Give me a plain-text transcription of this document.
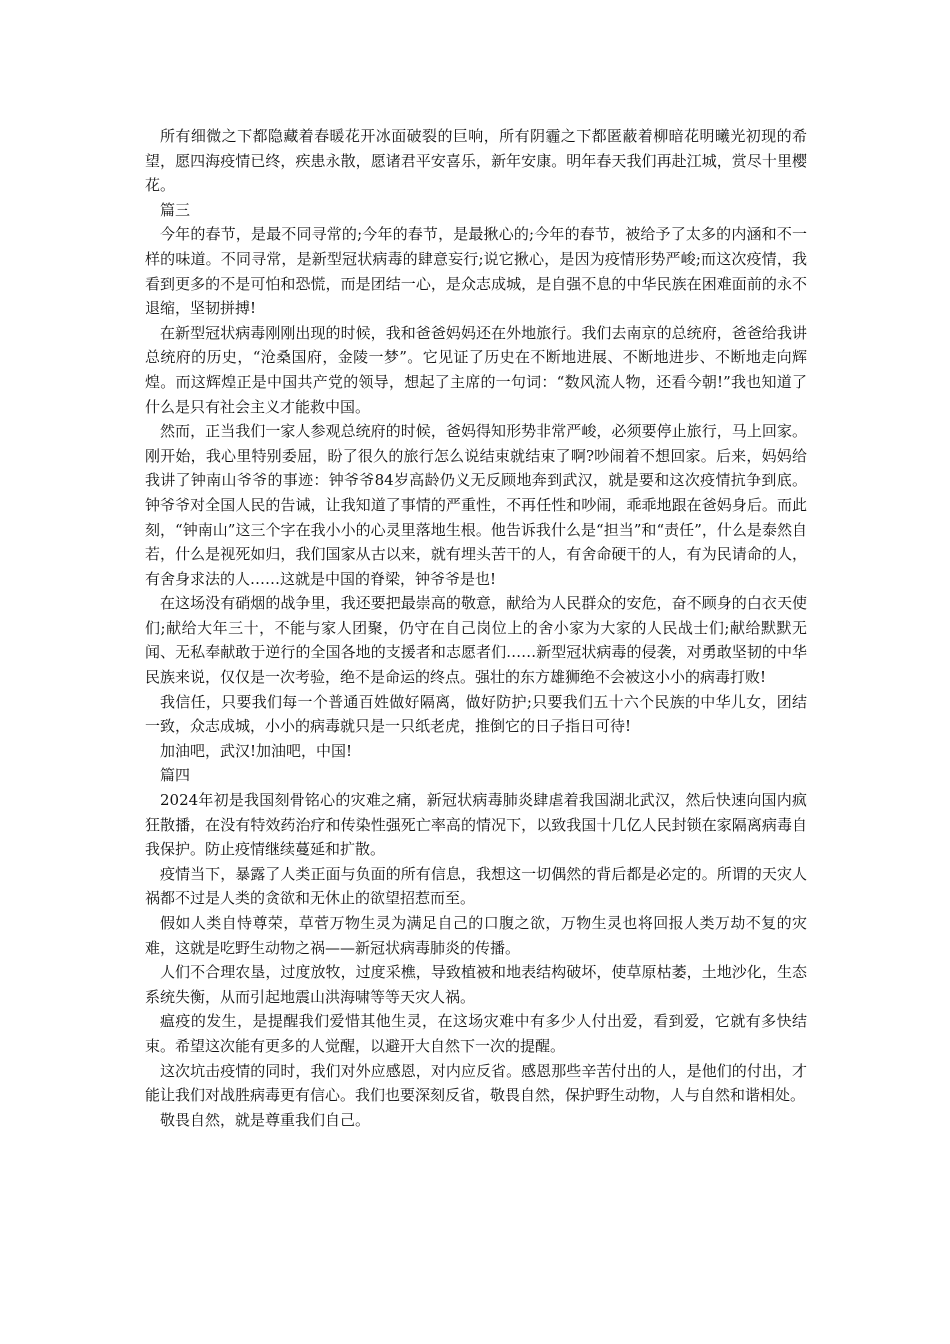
所有细微之下都隐藏着春暖花开冰面破裂的巨响，所有阴霾之下都匿蔽着柳暗花明曦光初现的希望，愿四海疫情已终，疾患永散，愿诸君平安喜乐，新年安康。明年春天我们再赴江城，赏尽十里樱花。

篇三

今年的春节，是最不同寻常的;今年的春节，是最揪心的;今年的春节，被给予了太多的内涵和不一样的味道。不同寻常，是新型冠状病毒的肆意妄行;说它揪心，是因为疫情形势严峻;而这次疫情，我看到更多的不是可怕和恐慌，而是团结一心，是众志成城，是自强不息的中华民族在困难面前的永不退缩，坚韧拼搏!

在新型冠状病毒刚刚出现的时候，我和爸爸妈妈还在外地旅行。我们去南京的总统府，爸爸给我讲总统府的历史，“沧桑国府，金陵一梦”。它见证了历史在不断地进展、不断地进步、不断地走向辉煌。而这辉煌正是中国共产党的领导，想起了主席的一句词：“数风流人物，还看今朝!”我也知道了什么是只有社会主义才能救中国。

然而，正当我们一家人参观总统府的时候，爸妈得知形势非常严峻，必须要停止旅行，马上回家。刚开始，我心里特别委屈，盼了很久的旅行怎么说结束就结束了啊?吵闹着不想回家。后来，妈妈给我讲了钟南山爷爷的事迹：钟爷爷84岁高龄仍义无反顾地奔到武汉，就是要和这次疫情抗争到底。钟爷爷对全国人民的告诫，让我知道了事情的严重性，不再任性和吵闹，乖乖地跟在爸妈身后。而此刻，“钟南山”这三个字在我小小的心灵里落地生根。他告诉我什么是“担当”和“责任”，什么是泰然自若，什么是视死如归，我们国家从古以来，就有埋头苦干的人，有舍命硬干的人，有为民请命的人，有舍身求法的人……这就是中国的脊梁，钟爷爷是也!

在这场没有硝烟的战争里，我还要把最崇高的敬意，献给为人民群众的安危，奋不顾身的白衣天使们;献给大年三十，不能与家人团聚，仍守在自己岗位上的舍小家为大家的人民战士们;献给默默无闻、无私奉献敢于逆行的全国各地的支援者和志愿者们……新型冠状病毒的侵袭，对勇敢坚韧的中华民族来说，仅仅是一次考验，绝不是命运的终点。强壮的东方雄狮绝不会被这小小的病毒打败!

我信任，只要我们每一个普通百姓做好隔离，做好防护;只要我们五十六个民族的中华儿女，团结一致，众志成城，小小的病毒就只是一只纸老虎，推倒它的日子指日可待!

加油吧，武汉!加油吧，中国!

篇四

2024年初是我国刻骨铭心的灾难之痛，新冠状病毒肺炎肆虐着我国湖北武汉，然后快速向国内疯狂散播，在没有特效药治疗和传染性强死亡率高的情况下，以致我国十几亿人民封锁在家隔离病毒自我保护。防止疫情继续蔓延和扩散。

疫情当下，暴露了人类正面与负面的所有信息，我想这一切偶然的背后都是必定的。所谓的天灾人祸都不过是人类的贪欲和无休止的欲望招惹而至。

假如人类自恃尊荣，草菅万物生灵为满足自己的口腹之欲，万物生灵也将回报人类万劫不复的灾难，这就是吃野生动物之祸——新冠状病毒肺炎的传播。

人们不合理农垦，过度放牧，过度采樵，导致植被和地表结构破坏，使草原枯萎，土地沙化，生态系统失衡，从而引起地震山洪海啸等等天灾人祸。

瘟疫的发生，是提醒我们爱惜其他生灵，在这场灾难中有多少人付出爱，看到爱，它就有多快结束。希望这次能有更多的人觉醒，以避开大自然下一次的提醒。

这次坑击疫情的同时，我们对外应感恩，对内应反省。感恩那些辛苦付出的人，是他们的付出，才能让我们对战胜病毒更有信心。我们也要深刻反省，敬畏自然，保护野生动物，人与自然和谐相处。

敬畏自然，就是尊重我们自己。
